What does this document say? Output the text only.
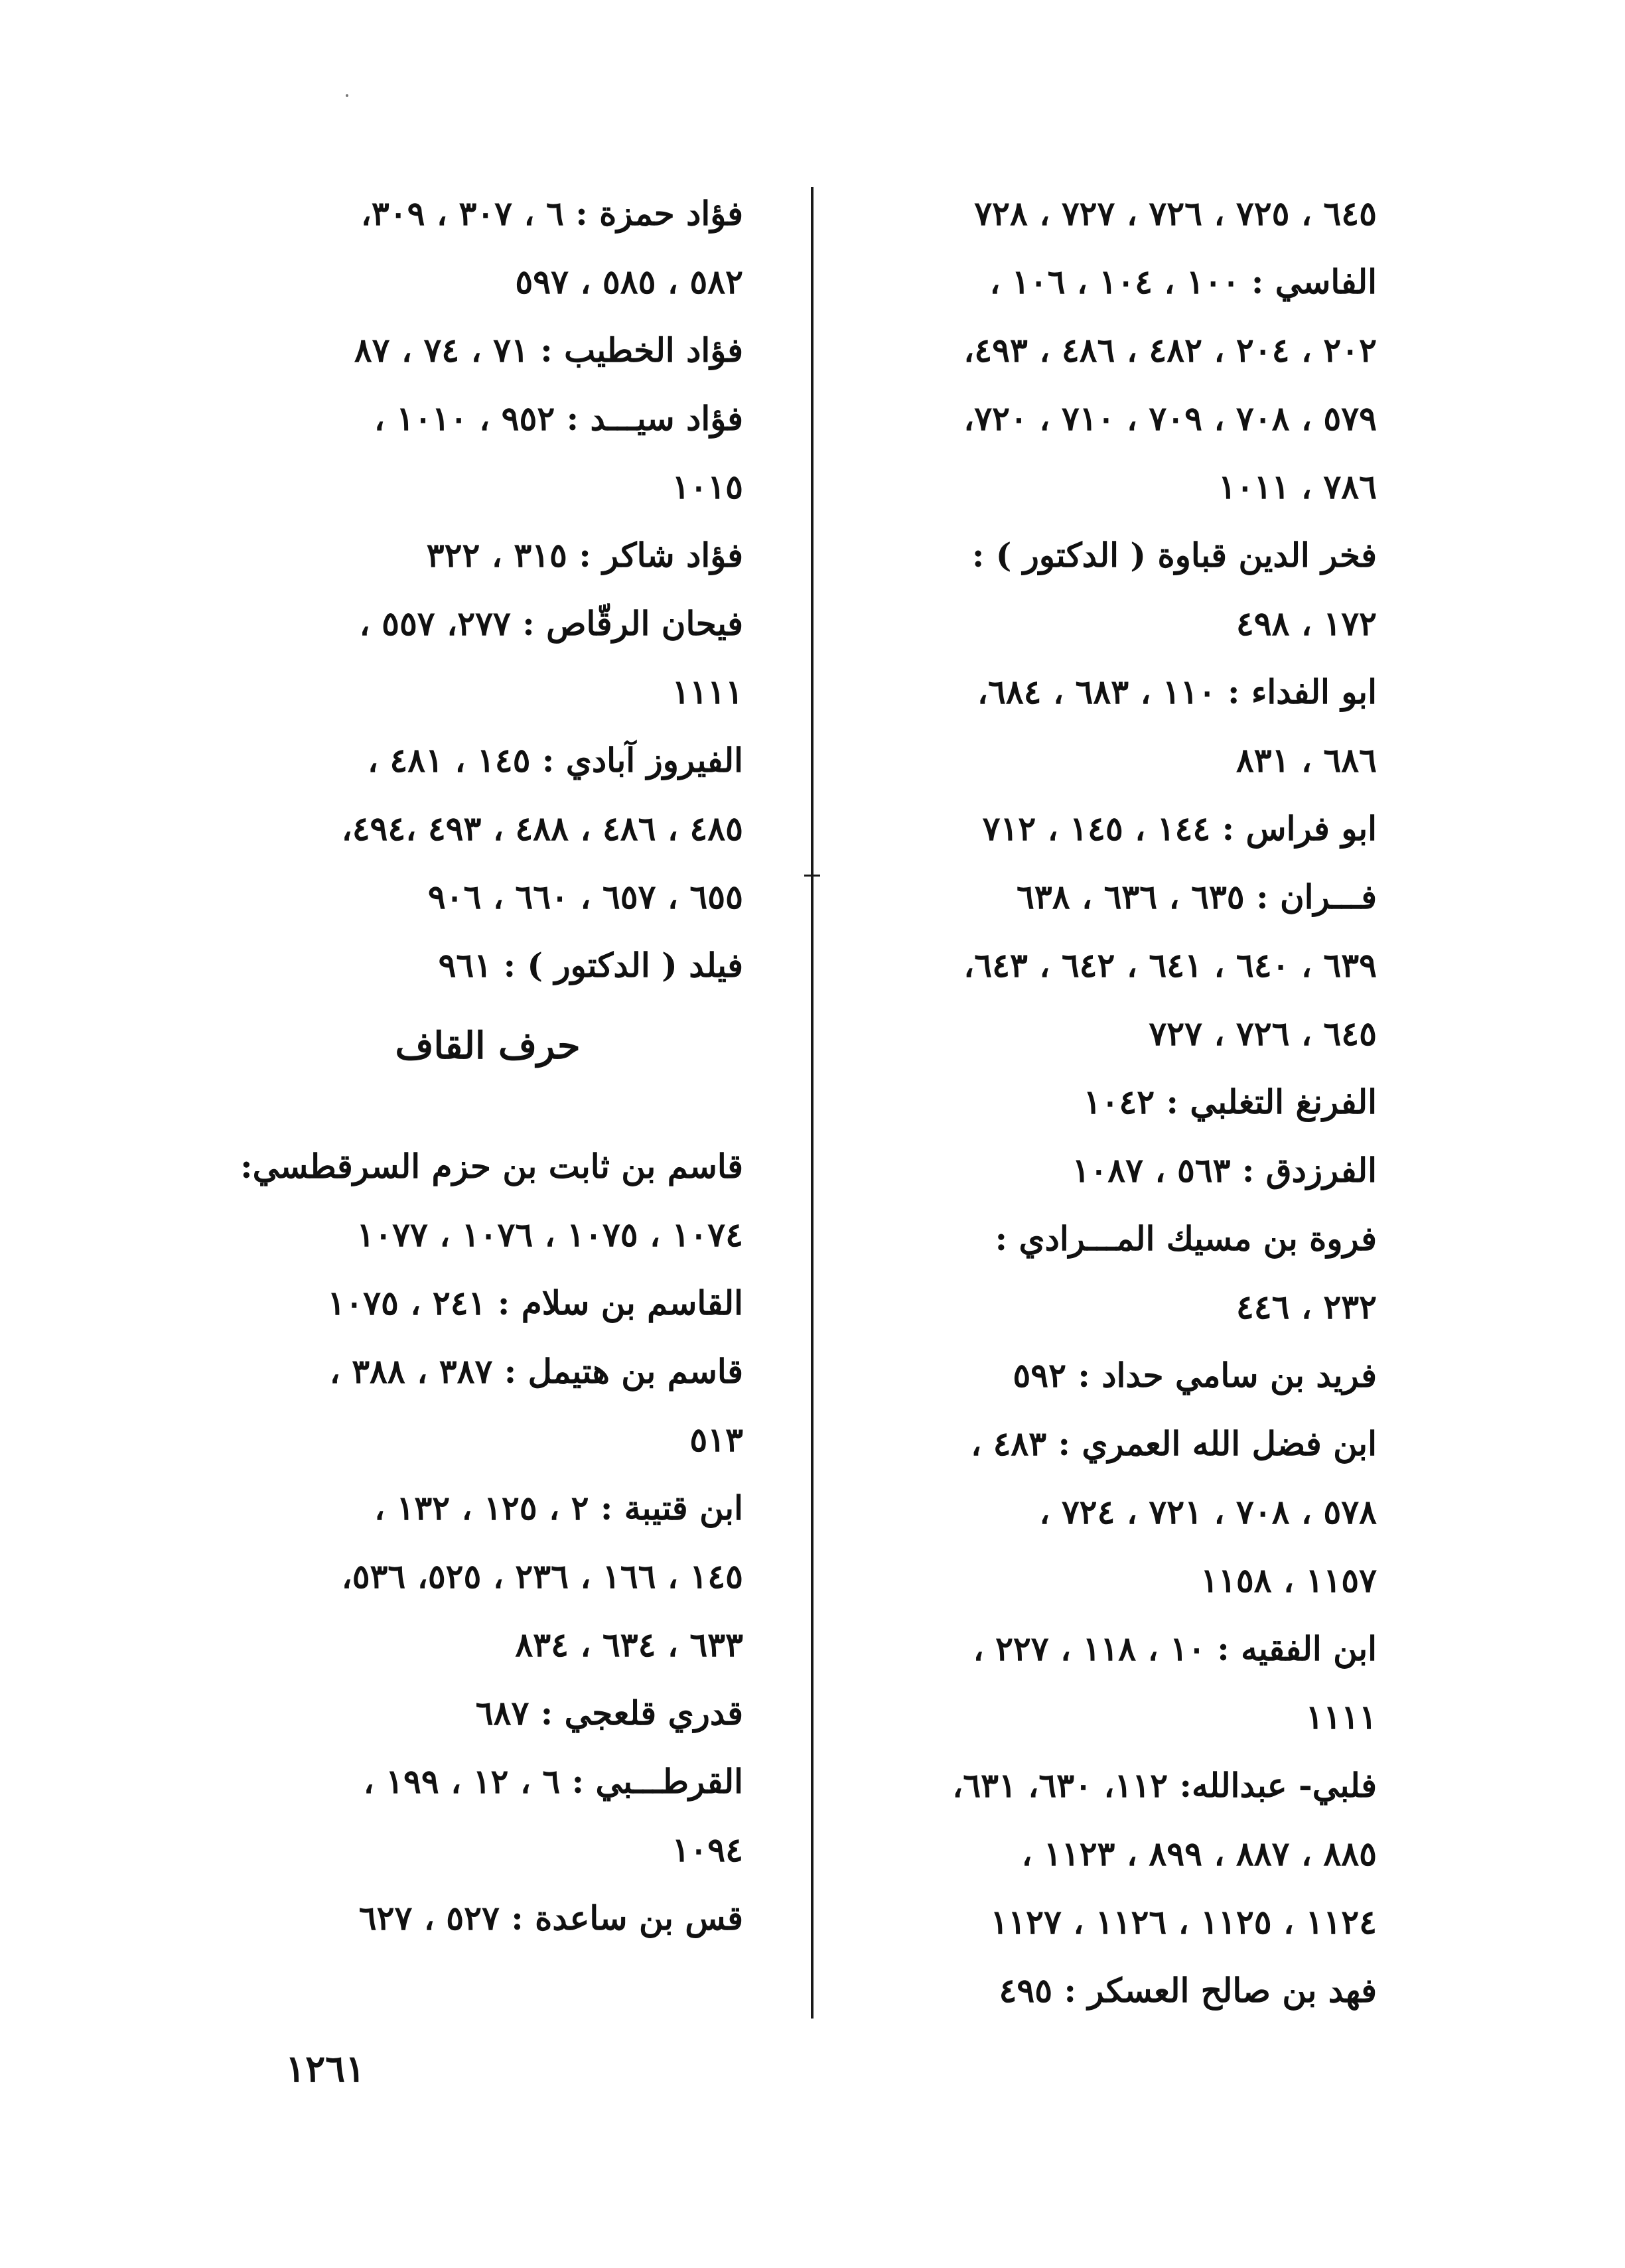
٦٤٥ ، ٧٢٥ ، ٧٢٦ ، ٧٢٧ ، ٧٢٨
الفاسي : ١٠٠ ، ١٠٤ ، ١٠٦ ،
٢٠٢ ، ٢٠٤ ، ٤٨٢ ، ٤٨٦ ، ٤٩٣،
٥٧٩ ، ٧٠٨ ، ٧٠٩ ، ٧١٠ ، ٧٢٠،
٧٨٦ ، ١٠١١
فخر الدين قباوة ( الدكتور ) :
١٧٢ ، ٤٩٨
ابو الفداء : ١١٠ ، ٦٨٣ ، ٦٨٤،
٦٨٦ ، ٨٣١
ابو فراس : ١٤٤ ، ١٤٥ ، ٧١٢
فـــران : ٦٣٥ ، ٦٣٦ ، ٦٣٨
٦٣٩ ، ٦٤٠ ، ٦٤١ ، ٦٤٢ ، ٦٤٣،
٦٤٥ ، ٧٢٦ ، ٧٢٧
الفرنغ التغلبي : ١٠٤٢
الفرزدق : ٥٦٣ ، ١٠٨٧
فروة بن مسيك المـــرادي :
٢٣٢ ، ٤٤٦
فريد بن سامي حداد : ٥٩٢
ابن فضل الله العمري : ٤٨٣ ،
٥٧٨ ، ٧٠٨ ، ٧٢١ ، ٧٢٤ ،
١١٥٧ ، ١١٥٨
ابن الفقيه : ١٠ ، ١١٨ ، ٢٢٧ ،
١١١١
فلبي- عبدالله: ١١٢، ٦٣٠، ٦٣١،
٨٨٥ ، ٨٨٧ ، ٨٩٩ ، ١١٢٣ ،
١١٢٤ ، ١١٢٥ ، ١١٢٦ ، ١١٢٧
فهد بن صالح العسكر : ٤٩٥
فؤاد حمزة : ٦ ، ٣٠٧ ، ٣٠٩،
٥٨٢ ، ٥٨٥ ، ٥٩٧
فؤاد الخطيب : ٧١ ، ٧٤ ، ٨٧
فؤاد سيـــد : ٩٥٢ ، ١٠١٠ ،
١٠١٥
فؤاد شاكر : ٣١٥ ، ٣٢٢
فيحان الرقّاص : ٢٧٧، ٥٥٧ ،
١١١١
الفيروز آبادي : ١٤٥ ، ٤٨١ ،
٤٨٥ ، ٤٨٦ ، ٤٨٨ ، ٤٩٣ ،٤٩٤،
٦٥٥ ، ٦٥٧ ، ٦٦٠ ، ٩٠٦
فيلد ( الدكتور ) : ٩٦١
حرف القاف
قاسم بن ثابت بن حزم السرقطسي:
١٠٧٤ ، ١٠٧٥ ، ١٠٧٦ ، ١٠٧٧
القاسم بن سلام : ٢٤١ ، ١٠٧٥
قاسم بن هتيمل : ٣٨٧ ، ٣٨٨ ،
٥١٣
ابن قتيبة : ٢ ، ١٢٥ ، ١٣٢ ،
١٤٥ ، ١٦٦ ، ٢٣٦ ، ٥٢٥، ٥٣٦،
٦٣٣ ، ٦٣٤ ، ٨٣٤
قدري قلعجي : ٦٨٧
القرطـــبي : ٦ ، ١٢ ، ١٩٩ ،
١٠٩٤
قس بن ساعدة : ٥٢٧ ، ٦٢٧
١٢٦١
